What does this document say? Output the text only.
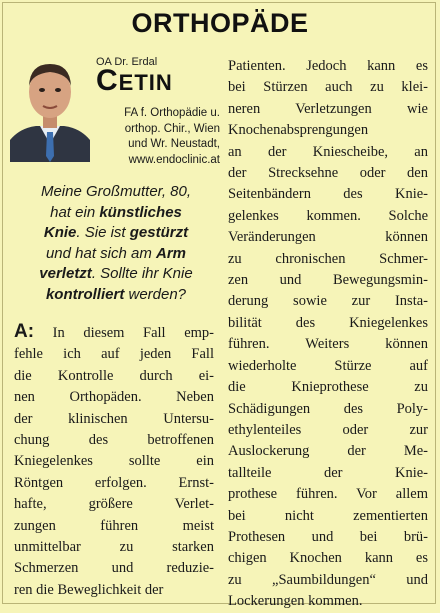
ORTHOPÄDE
OA Dr. Erdal
CETIN
FA f. Orthopädie u.
orthop. Chir., Wien
und Wr. Neustadt,
www.endoclinic.at
Meine Großmutter, 80,
hat ein künstliches
Knie. Sie ist gestürzt
und hat sich am Arm
verletzt. Sollte ihr Knie
kontrolliert werden?
A: In diesem Fall emp-
fehle ich auf jeden Fall
die Kontrolle durch ei-
nen Orthopäden. Neben
der klinischen Untersu-
chung des betroffenen
Kniegelenkes sollte ein
Röntgen erfolgen. Ernst-
hafte, größere Verlet-
zungen führen meist
unmittelbar zu starken
Schmerzen und reduzie-
ren die Beweglichkeit der
Patienten. Jedoch kann es
bei Stürzen auch zu klei-
neren Verletzungen wie
Knochenabsprengungen
an der Kniescheibe, an
der Strecksehne oder den
Seitenbändern des Knie-
gelenkes kommen. Solche
Veränderungen können
zu chronischen Schmer-
zen und Bewegungsmin-
derung sowie zur Insta-
bilität des Kniegelenkes
führen. Weiters können
wiederholte Stürze auf
die Knieprothese zu
Schädigungen des Poly-
ethylenteiles oder zur
Auslockerung der Me-
tallteile der Knie-
prothese führen. Vor allem
bei nicht zementierten
Prothesen und bei brü-
chigen Knochen kann es
zu „Saumbildungen“ und
Lockerungen kommen.
